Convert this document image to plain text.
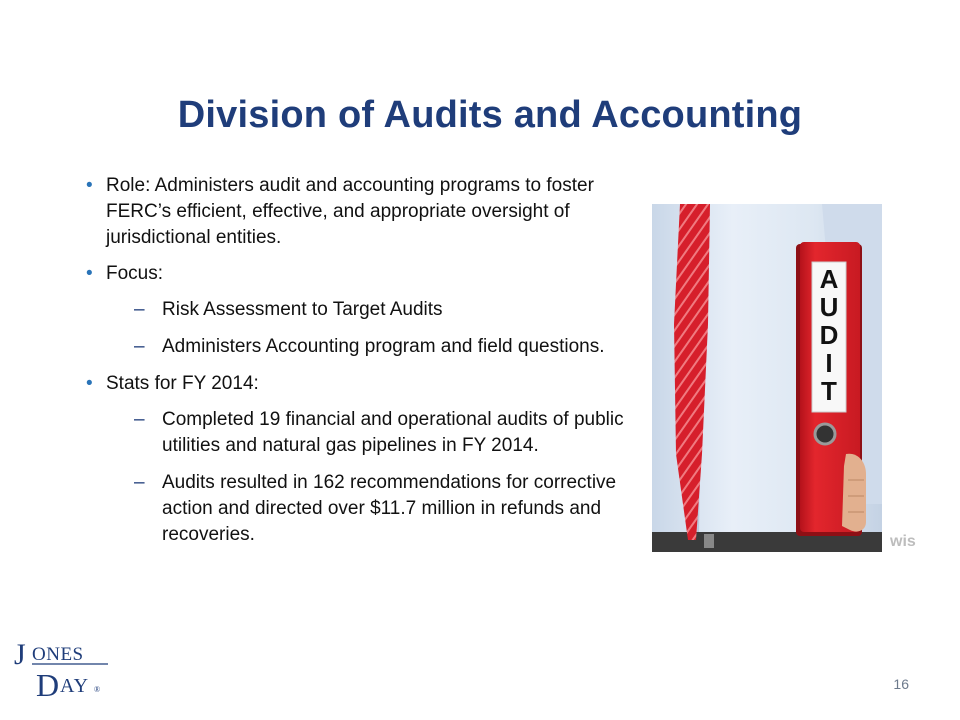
Division of Audits and Accounting
• Role: Administers audit and accounting programs to foster FERC’s efficient, effective, and appropriate oversight of jurisdictional entities.
• Focus:
– Risk Assessment to Target Audits
– Administers Accounting program and field questions.
• Stats for FY 2014:
– Completed 19 financial and operational audits of public utilities and natural gas pipelines in FY 2014.
– Audits resulted in 162 recommendations for corrective action and directed over $11.7 million in refunds and recoveries.
A
U
D
I
T
wis
J ONES
D AY ®	16
